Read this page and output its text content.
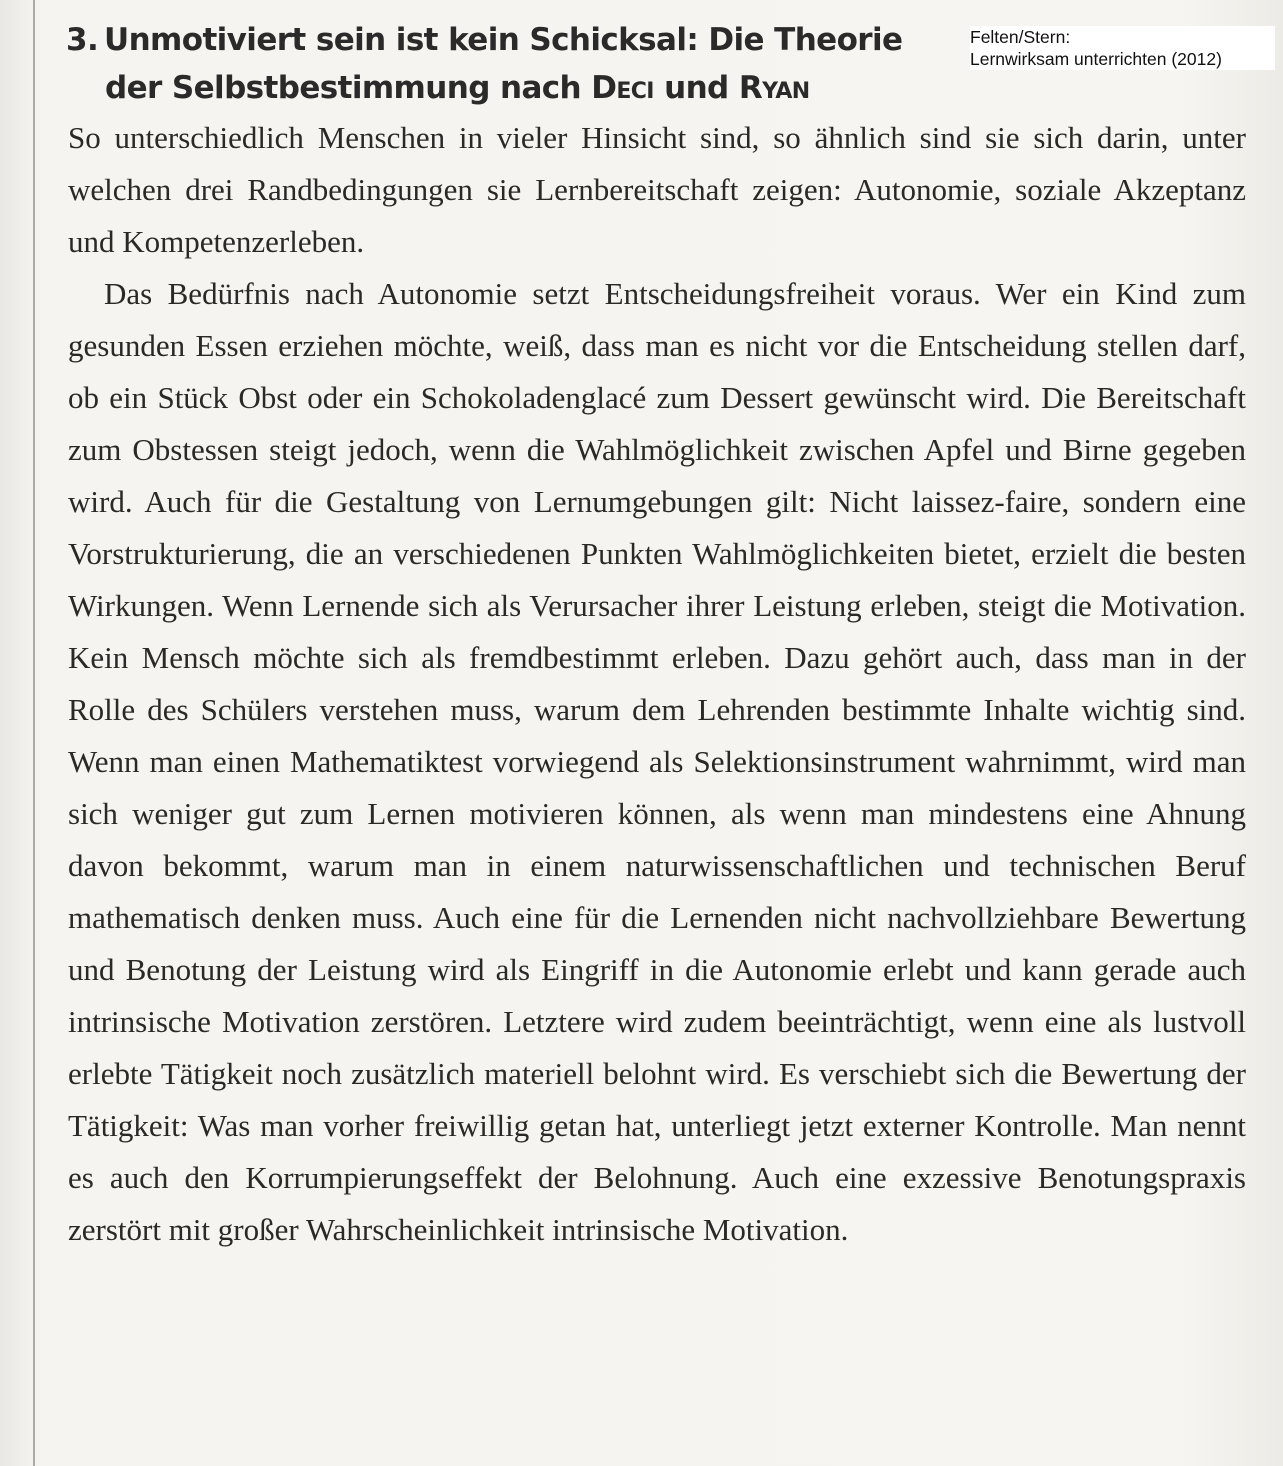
Felten/Stern:
Lernwirksam unterrichten (2012)
3. Unmotiviert sein ist kein Schicksal: Die Theorie
der Selbstbestimmung nach Deci und Ryan

So unterschiedlich Menschen in vieler Hinsicht sind, so ähnlich sind sie sich darin, unter welchen drei Randbedingungen sie Lernbereitschaft zeigen: Autonomie, soziale Akzeptanz und Kompetenzerleben.

Das Bedürfnis nach Autonomie setzt Entscheidungsfreiheit voraus. Wer ein Kind zum gesunden Essen erziehen möchte, weiß, dass man es nicht vor die Entscheidung stellen darf, ob ein Stück Obst oder ein Schokoladenglacé zum Dessert gewünscht wird. Die Bereitschaft zum Obstessen steigt jedoch, wenn die Wahlmöglichkeit zwischen Apfel und Birne gegeben wird. Auch für die Gestaltung von Lernumgebungen gilt: Nicht laissez-faire, sondern eine Vorstrukturierung, die an verschiedenen Punkten Wahlmöglichkeiten bietet, erzielt die besten Wirkungen. Wenn Lernende sich als Verursacher ihrer Leistung erleben, steigt die Motivation. Kein Mensch möchte sich als fremdbestimmt erleben. Dazu gehört auch, dass man in der Rolle des Schülers verstehen muss, warum dem Lehrenden bestimmte Inhalte wichtig sind. Wenn man einen Mathematiktest vorwiegend als Selektionsinstrument wahrnimmt, wird man sich weniger gut zum Lernen motivieren können, als wenn man mindestens eine Ahnung davon bekommt, warum man in einem naturwissenschaftlichen und technischen Beruf mathematisch denken muss. Auch eine für die Lernenden nicht nachvollziehbare Bewertung und Benotung der Leistung wird als Eingriff in die Autonomie erlebt und kann gerade auch intrinsische Motivation zerstören. Letztere wird zudem beeinträchtigt, wenn eine als lustvoll erlebte Tätigkeit noch zusätzlich materiell belohnt wird. Es verschiebt sich die Bewertung der Tätigkeit: Was man vorher freiwillig getan hat, unterliegt jetzt externer Kontrolle. Man nennt es auch den Korrumpierungseffekt der Belohnung. Auch eine exzessive Benotungspraxis zerstört mit großer Wahrscheinlichkeit intrinsische Motivation.
